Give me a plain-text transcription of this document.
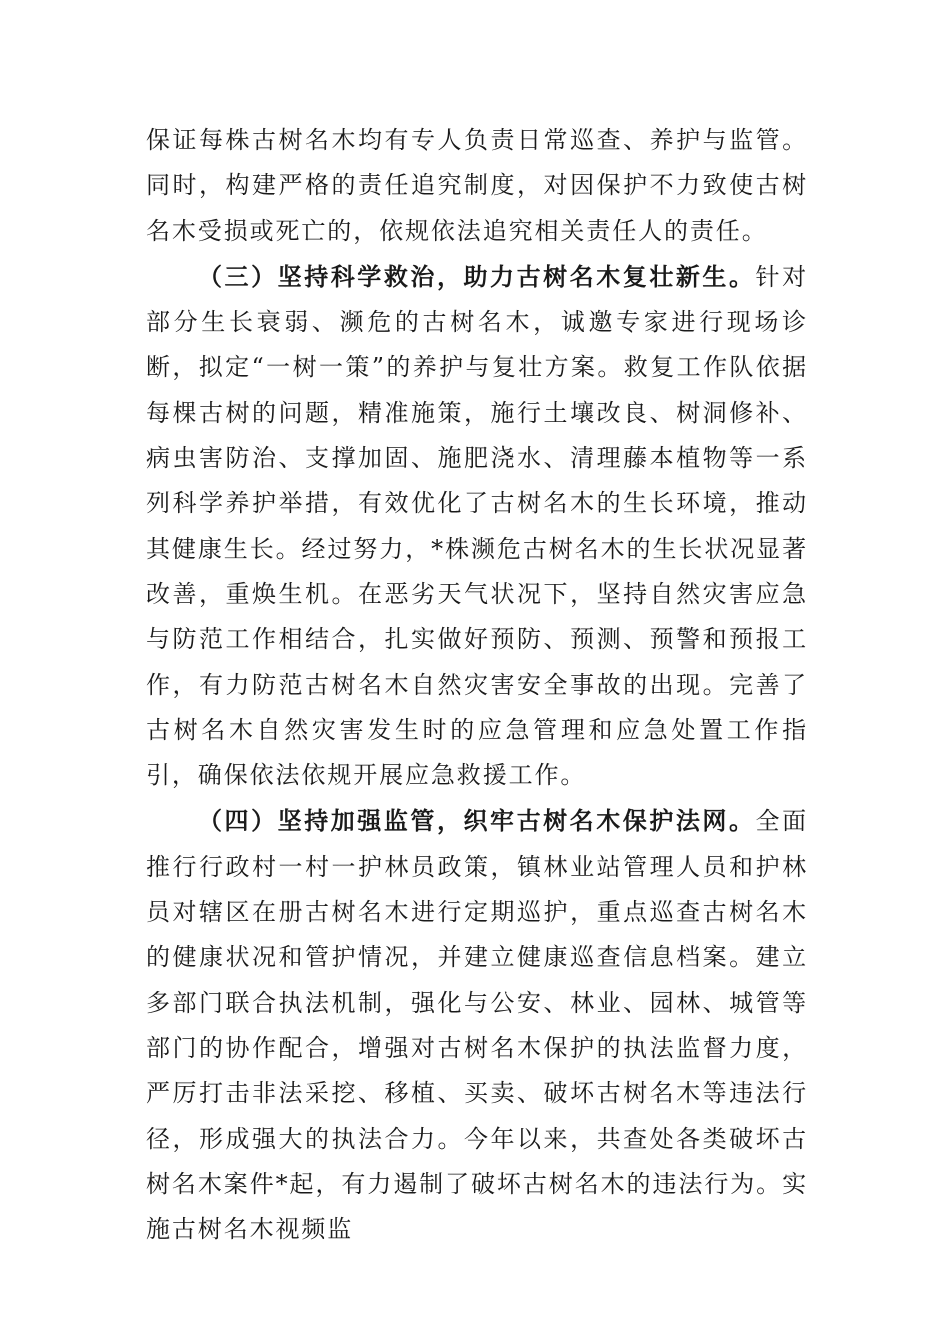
保证每株古树名木均有专人负责日常巡查、养护与监管。同时，构建严格的责任追究制度，对因保护不力致使古树名木受损或死亡的，依规依法追究相关责任人的责任。

（三）坚持科学救治，助力古树名木复壮新生。针对部分生长衰弱、濒危的古树名木，诚邀专家进行现场诊断，拟定“一树一策”的养护与复壮方案。救复工作队依据每棵古树的问题，精准施策，施行土壤改良、树洞修补、病虫害防治、支撑加固、施肥浇水、清理藤本植物等一系列科学养护举措，有效优化了古树名木的生长环境，推动其健康生长。经过努力，*株濒危古树名木的生长状况显著改善，重焕生机。在恶劣天气状况下，坚持自然灾害应急与防范工作相结合，扎实做好预防、预测、预警和预报工作，有力防范古树名木自然灾害安全事故的出现。完善了古树名木自然灾害发生时的应急管理和应急处置工作指引，确保依法依规开展应急救援工作。

（四）坚持加强监管，织牢古树名木保护法网。全面推行行政村一村一护林员政策，镇林业站管理人员和护林员对辖区在册古树名木进行定期巡护，重点巡查古树名木的健康状况和管护情况，并建立健康巡查信息档案。建立多部门联合执法机制，强化与公安、林业、园林、城管等部门的协作配合，增强对古树名木保护的执法监督力度，严厉打击非法采挖、移植、买卖、破坏古树名木等违法行径，形成强大的执法合力。今年以来，共查处各类破坏古树名木案件*起，有力遏制了破坏古树名木的违法行为。实施古树名木视频监
